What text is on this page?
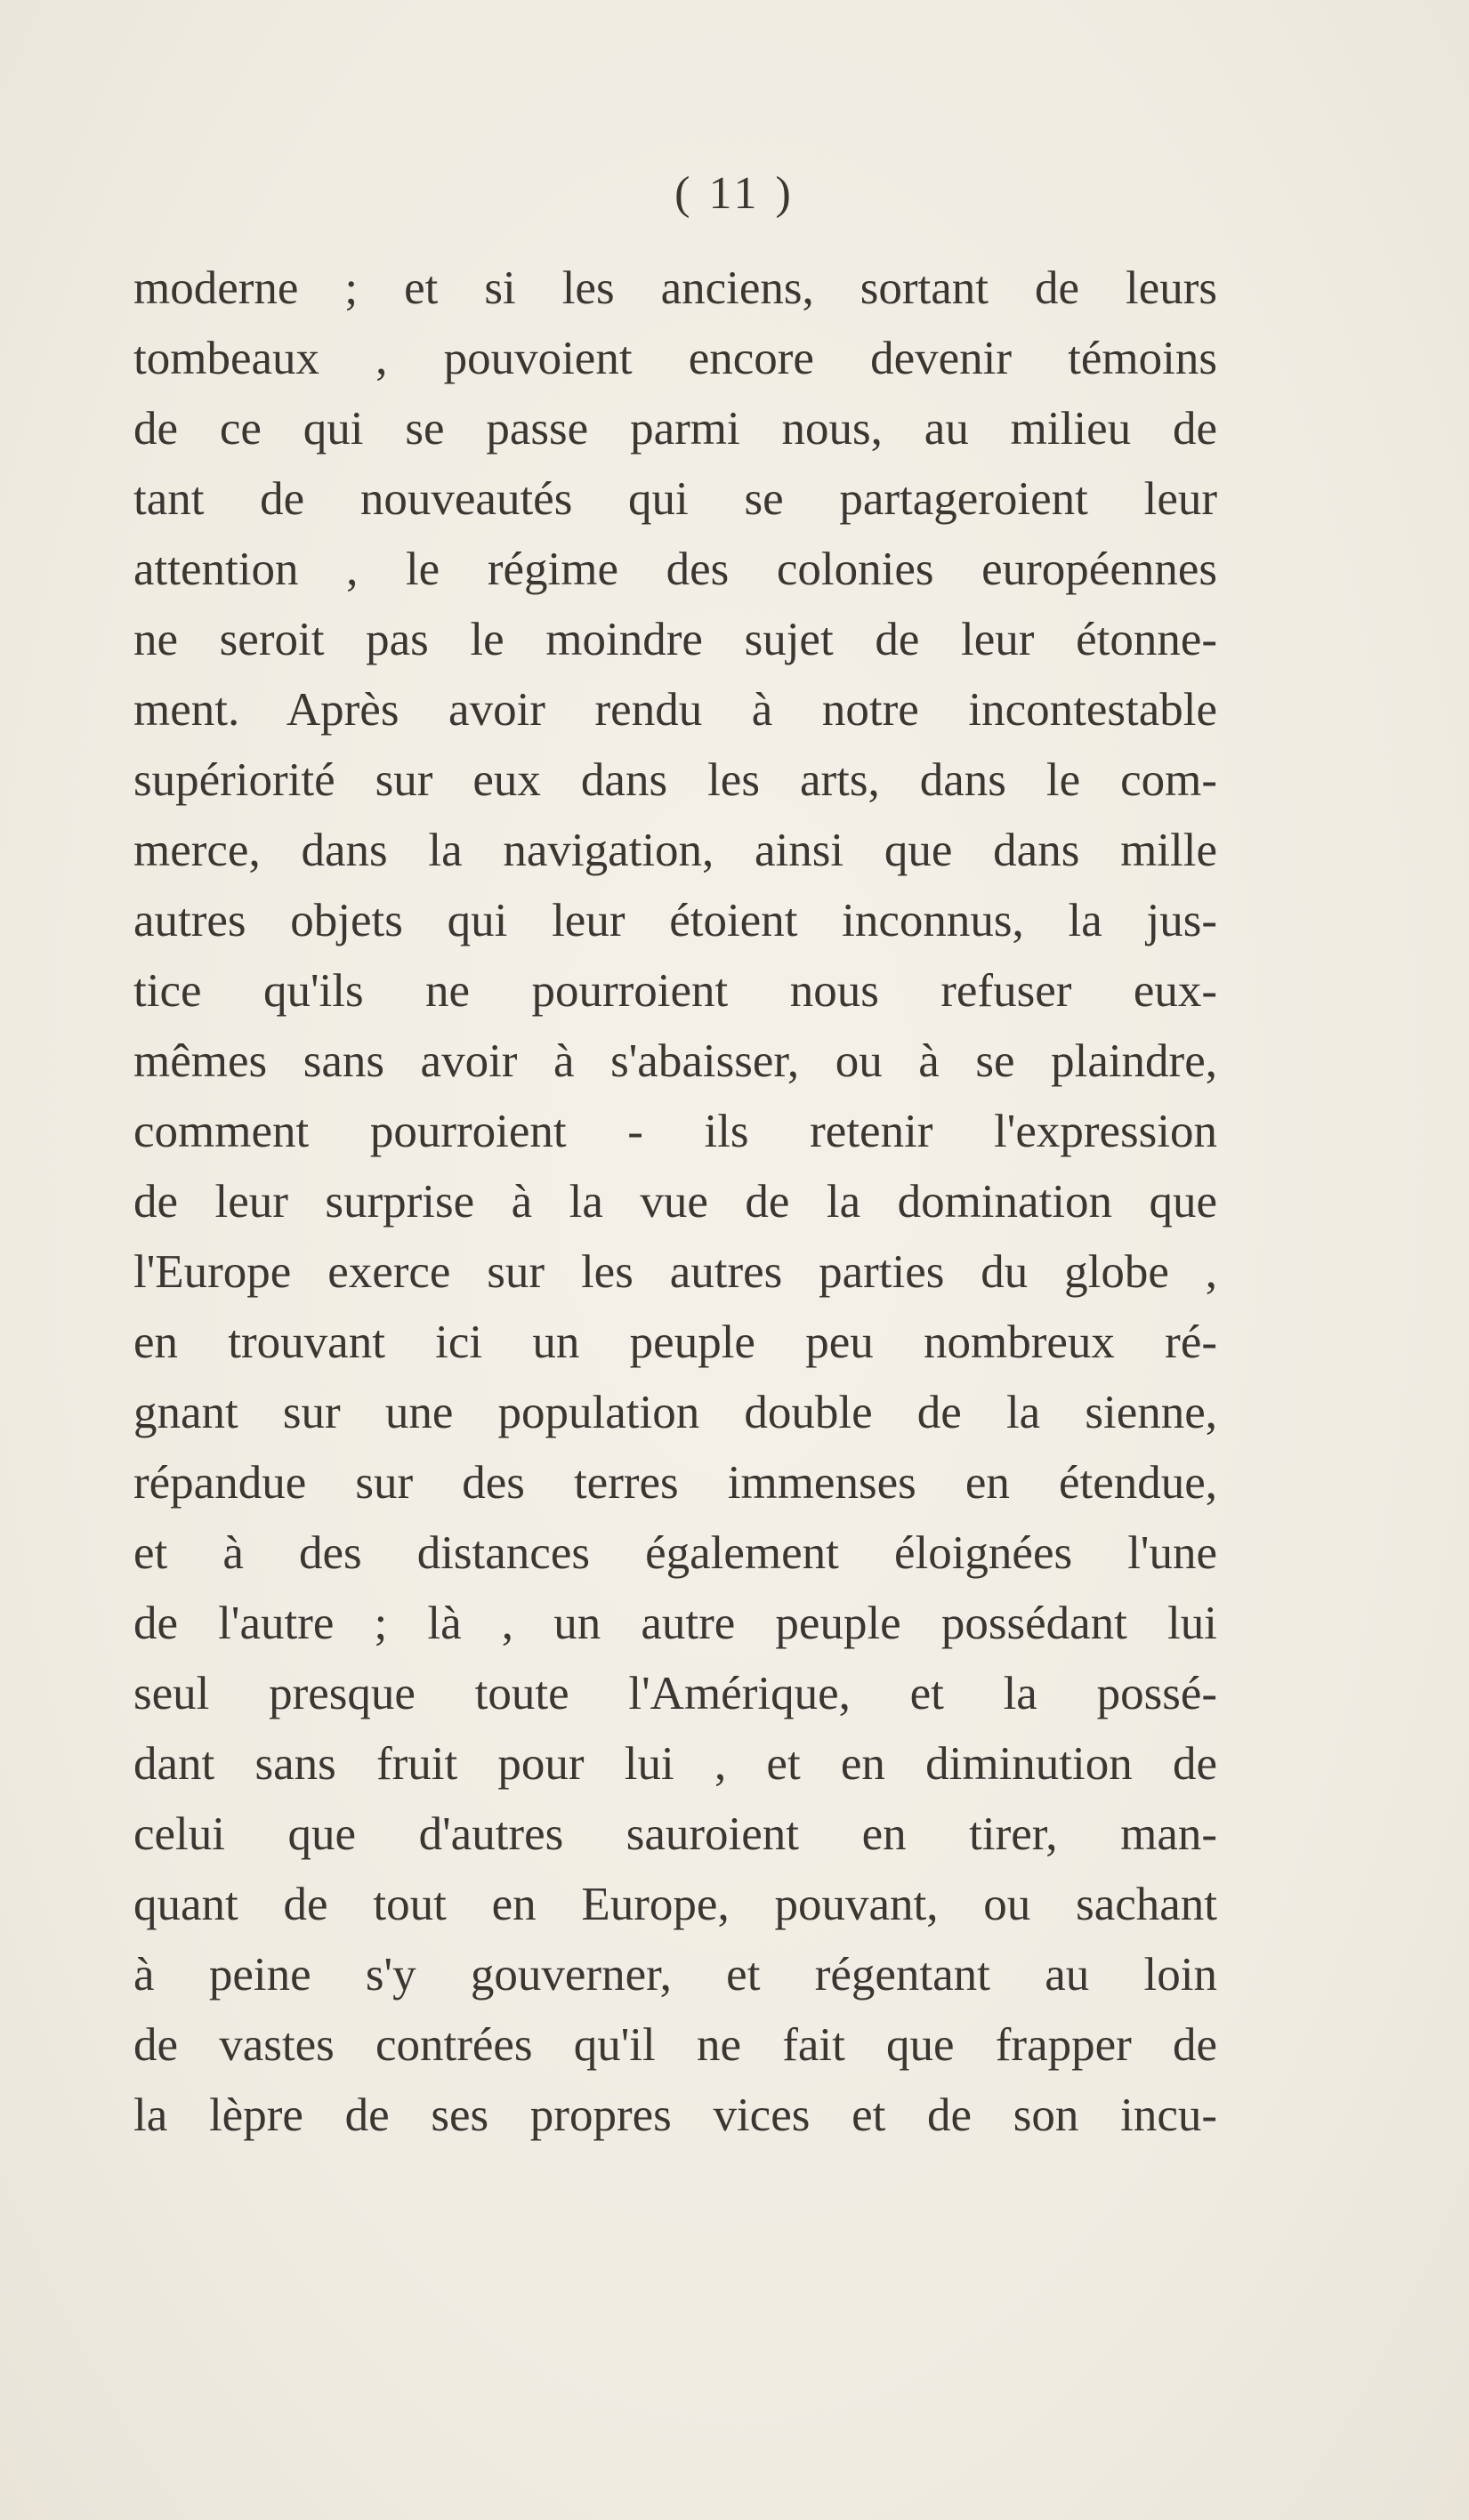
( 11 )
moderne ; et si les anciens, sortant de leurs
tombeaux , pouvoient encore devenir témoins
de ce qui se passe parmi nous, au milieu de
tant de nouveautés qui se partageroient leur
attention , le régime des colonies européennes
ne seroit pas le moindre sujet de leur étonne-
ment. Après avoir rendu à notre incontestable
supériorité sur eux dans les arts, dans le com-
merce, dans la navigation, ainsi que dans mille
autres objets qui leur étoient inconnus, la jus-
tice qu'ils ne pourroient nous refuser eux-
mêmes sans avoir à s'abaisser, ou à se plaindre,
comment pourroient - ils retenir l'expression
de leur surprise à la vue de la domination que
l'Europe exerce sur les autres parties du globe ,
en trouvant ici un peuple peu nombreux ré-
gnant sur une population double de la sienne,
répandue sur des terres immenses en étendue,
et à des distances également éloignées l'une
de l'autre ; là , un autre peuple possédant lui
seul presque toute l'Amérique, et la possé-
dant sans fruit pour lui , et en diminution de
celui que d'autres sauroient en tirer, man-
quant de tout en Europe, pouvant, ou sachant
à peine s'y gouverner, et régentant au loin
de vastes contrées qu'il ne fait que frapper de
la lèpre de ses propres vices et de son incu-
